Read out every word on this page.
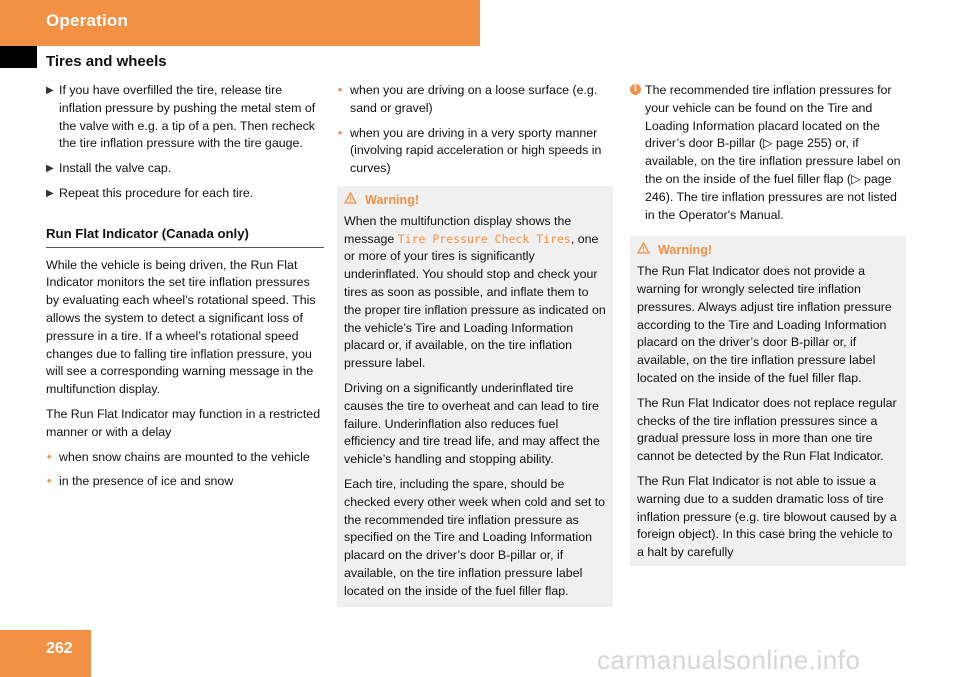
Operation
Tires and wheels
▶ If you have overfilled the tire, release tire inflation pressure by pushing the metal stem of the valve with e.g. a tip of a pen. Then recheck the tire inflation pressure with the tire gauge.
▶ Install the valve cap.
▶ Repeat this procedure for each tire.
Run Flat Indicator (Canada only)

While the vehicle is being driven, the Run Flat Indicator monitors the set tire inflation pressures by evaluating each wheel’s rotational speed. This allows the system to detect a significant loss of pressure in a tire. If a wheel’s rotational speed changes due to falling tire inflation pressure, you will see a corresponding warning message in the multifunction display.

The Run Flat Indicator may function in a restricted manner or with a delay

• when snow chains are mounted to the vehicle
• in the presence of ice and snow
• when you are driving on a loose surface (e.g. sand or gravel)
• when you are driving in a very sporty manner (involving rapid acceleration or high speeds in curves)
Warning!

When the multifunction display shows the message Tire Pressure Check Tires, one or more of your tires is significantly underinflated. You should stop and check your tires as soon as possible, and inflate them to the proper tire inflation pressure as indicated on the vehicle’s Tire and Loading Information placard or, if available, on the tire inflation pressure label.

Driving on a significantly underinflated tire causes the tire to overheat and can lead to tire failure. Underinflation also reduces fuel efficiency and tire tread life, and may affect the vehicle’s handling and stopping ability.

Each tire, including the spare, should be checked every other week when cold and set to the recommended tire inflation pressure as specified on the Tire and Loading Information placard on the driver’s door B-pillar or, if available, on the tire inflation pressure label located on the inside of the fuel filler flap.

i The recommended tire inflation pressures for your vehicle can be found on the Tire and Loading Information placard located on the driver’s door B-pillar (▷ page 255) or, if available, on the tire inflation pressure label on the on the inside of the fuel filler flap (▷ page 246). The tire inflation pressures are not listed in the Operator's Manual.
Warning!

The Run Flat Indicator does not provide a warning for wrongly selected tire inflation pressures. Always adjust tire inflation pressure according to the Tire and Loading Information placard on the driver’s door B-pillar or, if available, on the tire inflation pressure label located on the inside of the fuel filler flap.

The Run Flat Indicator does not replace regular checks of the tire inflation pressures since a gradual pressure loss in more than one tire cannot be detected by the Run Flat Indicator.

The Run Flat Indicator is not able to issue a warning due to a sudden dramatic loss of tire inflation pressure (e.g. tire blowout caused by a foreign object). In this case bring the vehicle to a halt by carefully

262	carmanualsonline.info
